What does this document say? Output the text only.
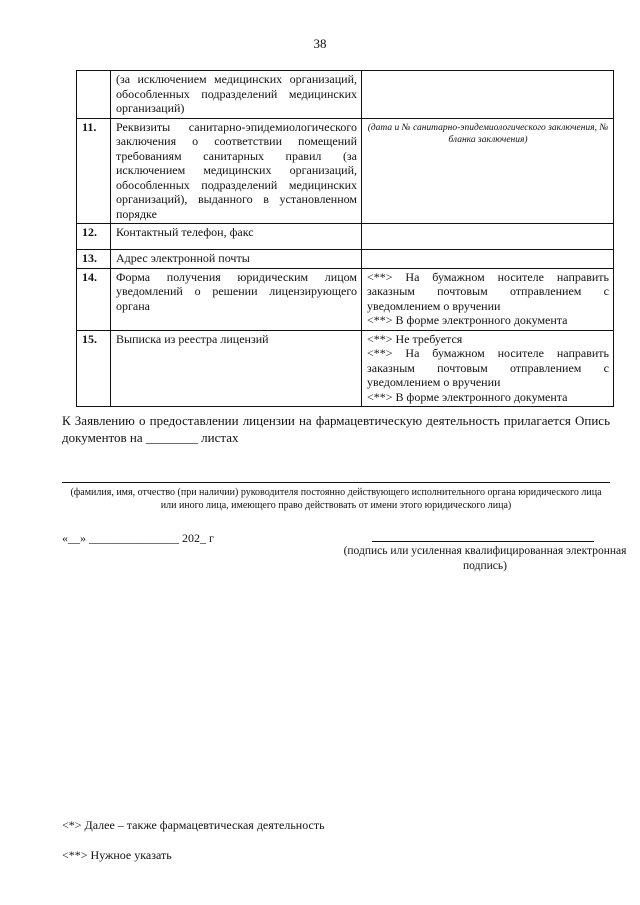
38
	(за исключением медицинских организаций, обособленных подразделений медицинских организаций)	
11.	Реквизиты санитарно-эпидемиологического заключения о соответствии помещений требованиям санитарных правил (за исключением медицинских организаций, обособленных подразделений медицинских организаций), выданного в установленном порядке	(дата и № санитарно-эпидемиологического заключения, № бланка заключения)

12.	Контактный телефон, факс	
13.	Адрес электронной почты	
14.	Форма получения юридическим лицом уведомлений о решении лицензирующего органа	<**> На бумажном носителе направить заказным почтовым отправлением с уведомлением о вручении
<**> В форме электронного документа

15.	Выписка из реестра лицензий	<**> Не требуется
<**> На бумажном носителе направить заказным почтовым отправлением с уведомлением о вручении
<**> В форме электронного документа
К Заявлению о предоставлении лицензии на фармацевтическую деятельность прилагается Опись документов на ________ листах
(фамилия, имя, отчество (при наличии) руководителя постоянно действующего исполнительного органа юридического лица или иного лица, имеющего право действовать от имени этого юридического лица)
«__» _______________ 202_ г
(подпись или усиленная квалифицированная электронная подпись)
<*> Далее – также фармацевтическая деятельность
<**> Нужное указать
